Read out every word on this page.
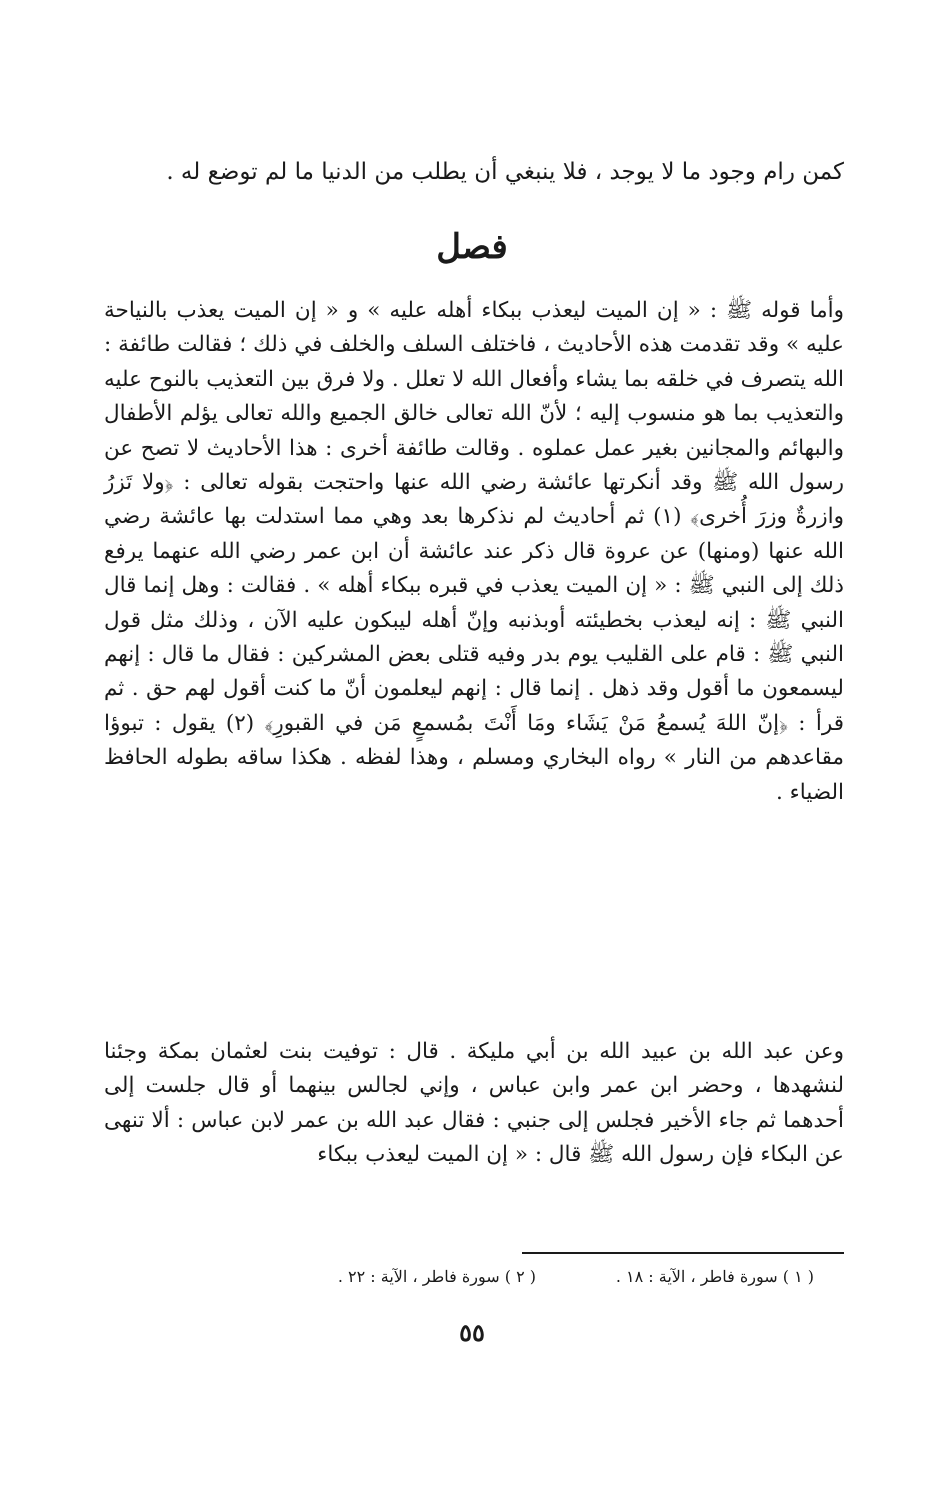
كمن رام وجود ما لا يوجد ، فلا ينبغي أن يطلب من الدنيا ما لم توضع له .
فصل
وأما قوله ﷺ : « إن الميت ليعذب ببكاء أهله عليه » و « إن الميت يعذب بالنياحة عليه » وقد تقدمت هذه الأحاديث ، فاختلف السلف والخلف في ذلك ؛ فقالت طائفة : الله يتصرف في خلقه بما يشاء وأفعال الله لا تعلل . ولا فرق بين التعذيب بالنوح عليه والتعذيب بما هو منسوب إليه ؛ لأنّ الله تعالى خالق الجميع والله تعالى يؤلم الأطفال والبهائم والمجانين بغير عمل عملوه . وقالت طائفة أخرى : هذا الأحاديث لا تصح عن رسول الله ﷺ وقد أنكرتها عائشة رضي الله عنها واحتجت بقوله تعالى : ﴿ولا تَزرُ وازرةٌ وزرَ أُخرى﴾ (١) ثم أحاديث لم نذكرها بعد وهي مما استدلت بها عائشة رضي الله عنها (ومنها) عن عروة قال ذكر عند عائشة أن ابن عمر رضي الله عنهما يرفع ذلك إلى النبي ﷺ : « إن الميت يعذب في قبره ببكاء أهله » . فقالت : وهل إنما قال النبي ﷺ : إنه ليعذب بخطيئته أوبذنبه وإنّ أهله ليبكون عليه الآن ، وذلك مثل قول النبي ﷺ : قام على القليب يوم بدر وفيه قتلى بعض المشركين : فقال ما قال : إنهم ليسمعون ما أقول وقد ذهل . إنما قال : إنهم ليعلمون أنّ ما كنت أقول لهم حق . ثم قرأ : ﴿إنّ اللهَ يُسمعُ مَنْ يَشَاء ومَا أَنْتَ بمُسمعٍ مَن في القبورِ﴾ (٢) يقول : تبوؤا مقاعدهم من النار » رواه البخاري ومسلم ، وهذا لفظه . هكذا ساقه بطوله الحافظ الضياء .
وعن عبد الله بن عبيد الله بن أبي مليكة . قال : توفيت بنت لعثمان بمكة وجئنا لنشهدها ، وحضر ابن عمر وابن عباس ، وإني لجالس بينهما أو قال جلست إلى أحدهما ثم جاء الأخير فجلس إلى جنبي : فقال عبد الله بن عمر لابن عباس : ألا تنهى عن البكاء فإن رسول الله ﷺ قال : « إن الميت ليعذب ببكاء
( ١ ) سورة فاطر ، الآية : ١٨ .
( ٢ ) سورة فاطر ، الآية : ٢٢ .
٥٥
